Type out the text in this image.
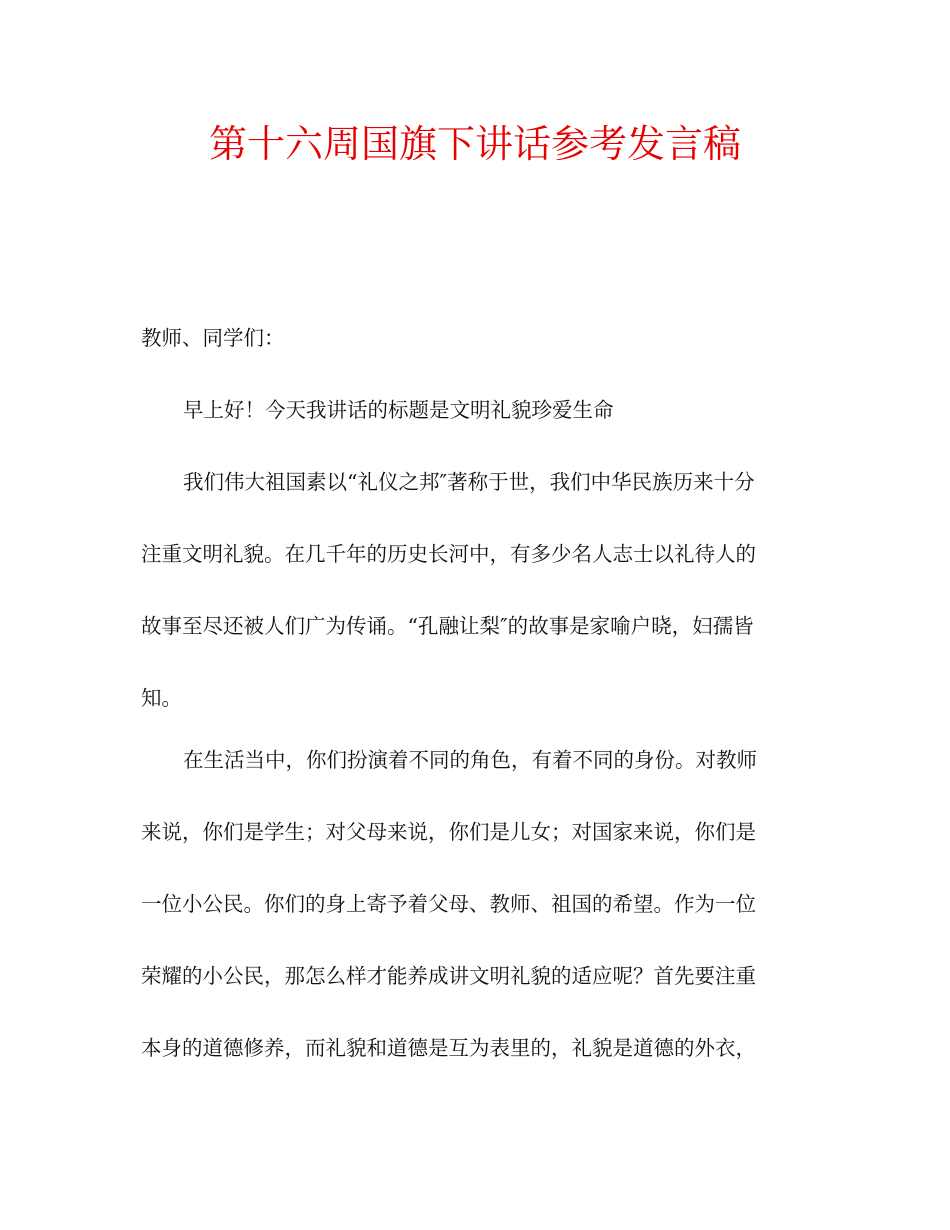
第十六周国旗下讲话参考发言稿
教师、同学们：
早上好！今天我讲话的标题是文明礼貌珍爱生命
我们伟大祖国素以“礼仪之邦″著称于世，我们中华民族历来十分
注重文明礼貌。在几千年的历史长河中，有多少名人志士以礼待人的
故事至尽还被人们广为传诵。“孔融让梨″的故事是家喻户晓，妇孺皆
知。
在生活当中，你们扮演着不同的角色，有着不同的身份。对教师
来说，你们是学生；对父母来说，你们是儿女；对国家来说，你们是
一位小公民。你们的身上寄予着父母、教师、祖国的希望。作为一位
荣耀的小公民，那怎么样才能养成讲文明礼貌的适应呢？首先要注重
本身的道德修养，而礼貌和道德是互为表里的，礼貌是道德的外衣，
